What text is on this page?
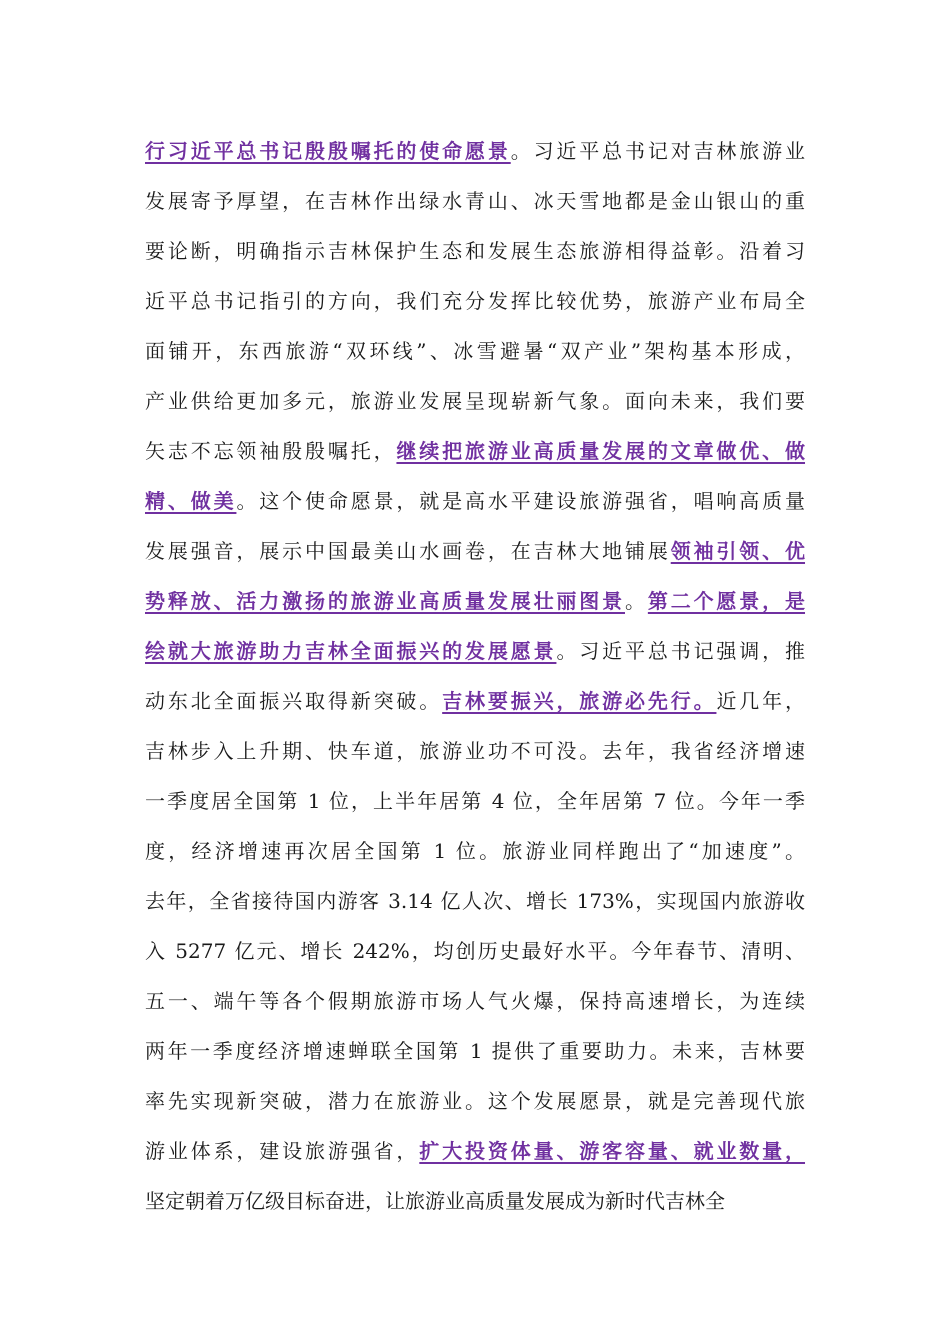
行习近平总书记殷殷嘱托的使命愿景。习近平总书记对吉林旅游业
发展寄予厚望，在吉林作出绿水青山、冰天雪地都是金山银山的重
要论断，明确指示吉林保护生态和发展生态旅游相得益彰。沿着习
近平总书记指引的方向，我们充分发挥比较优势，旅游产业布局全
面铺开，东西旅游“双环线”、冰雪避暑“双产业”架构基本形成，
产业供给更加多元，旅游业发展呈现崭新气象。面向未来，我们要
矢志不忘领袖殷殷嘱托，继续把旅游业高质量发展的文章做优、做
精、做美。这个使命愿景，就是高水平建设旅游强省，唱响高质量
发展强音，展示中国最美山水画卷，在吉林大地铺展领袖引领、优
势释放、活力激扬的旅游业高质量发展壮丽图景。第二个愿景，是
绘就大旅游助力吉林全面振兴的发展愿景。习近平总书记强调，推
动东北全面振兴取得新突破。吉林要振兴，旅游必先行。近几年，
吉林步入上升期、快车道，旅游业功不可没。去年，我省经济增速
一季度居全国第 1 位，上半年居第 4 位，全年居第 7 位。今年一季
度，经济增速再次居全国第 1 位。旅游业同样跑出了“加速度”。
去年，全省接待国内游客 3.14 亿人次、增长 173%，实现国内旅游收
入 5277 亿元、增长 242%，均创历史最好水平。今年春节、清明、
五一、端午等各个假期旅游市场人气火爆，保持高速增长，为连续
两年一季度经济增速蝉联全国第 1 提供了重要助力。未来，吉林要
率先实现新突破，潜力在旅游业。这个发展愿景，就是完善现代旅
游业体系，建设旅游强省，扩大投资体量、游客容量、就业数量，
坚定朝着万亿级目标奋进，让旅游业高质量发展成为新时代吉林全
